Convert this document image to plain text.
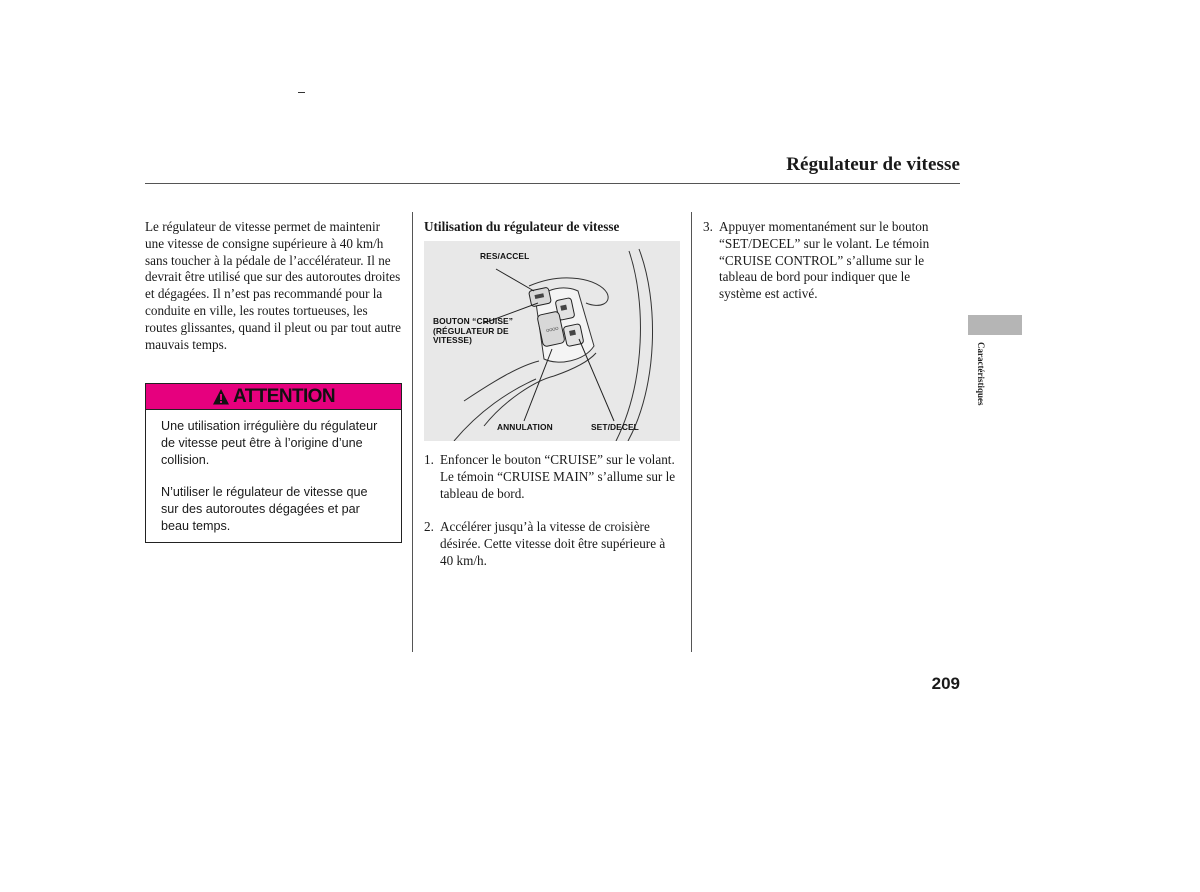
Régulateur de vitesse

Le régulateur de vitesse permet de maintenir une vitesse de consigne supérieure à 40 km/h sans toucher à la pédale de l’accélérateur. Il ne devrait être utilisé que sur des autoroutes droites et dégagées. Il n’est pas recommandé pour la conduite en ville, les routes tortueuses, les routes glissantes, quand il pleut ou par tout autre mauvais temps.

ATTENTION

Une utilisation irrégulière du régulateur de vitesse peut être à l’origine d’une collision.

N’utiliser le régulateur de vitesse que sur des autoroutes dégagées et par beau temps.

Utilisation du régulateur de vitesse
OOOO
RES/ACCEL
BOUTON “CRUISE” (RÉGULATEUR DE VITESSE)
ANNULATION	SET/DECEL
1. Enfoncer le bouton “CRUISE” sur le volant. Le témoin “CRUISE MAIN” s’allume sur le tableau de bord.
2. Accélérer jusqu’à la vitesse de croisière désirée. Cette vitesse doit être supérieure à 40 km/h.
3. Appuyer momentanément sur le bouton “SET/DECEL” sur le volant. Le témoin “CRUISE CONTROL” s’allume sur le tableau de bord pour indiquer que le système est activé.
Caractéristiques
209
